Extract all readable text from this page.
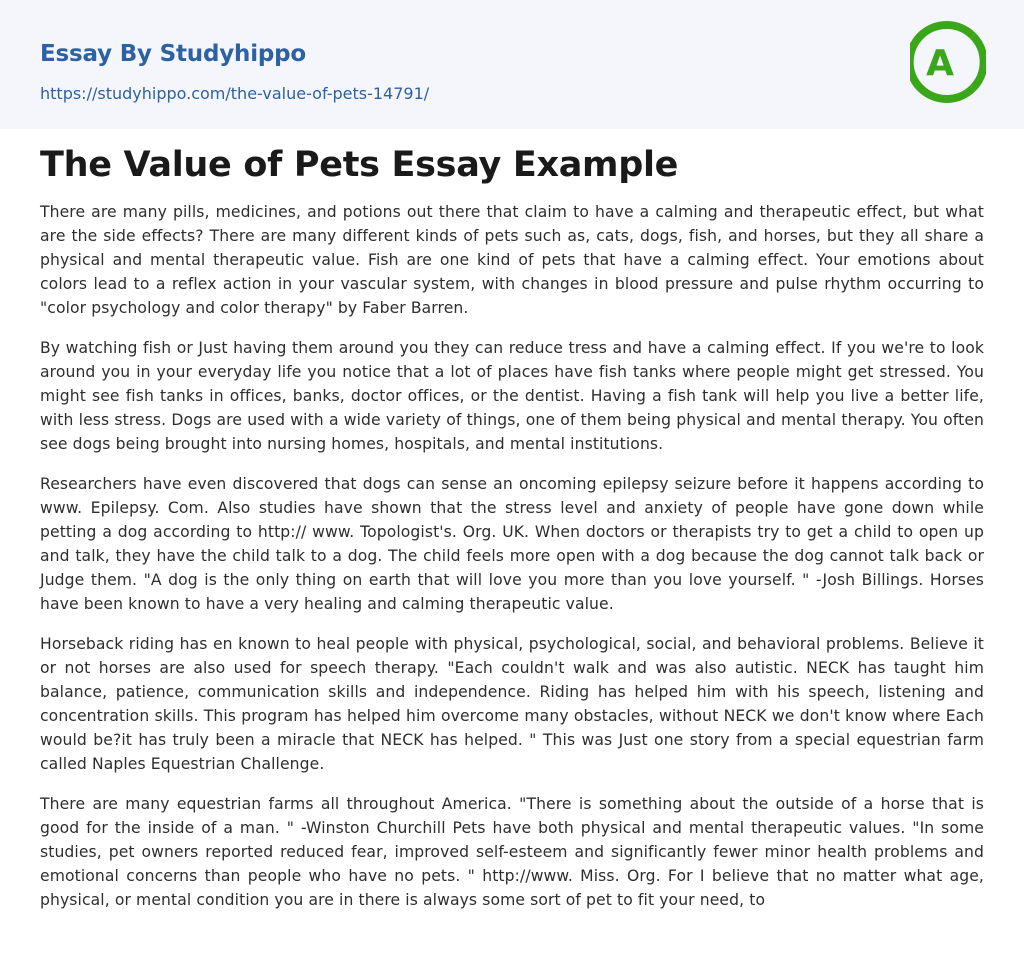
Essay By Studyhippo
https://studyhippo.com/the-value-of-pets-14791/
A
The Value of Pets Essay Example

There are many pills, medicines, and potions out there that claim to have a calming and therapeutic effect, but what are the side effects? There are many different kinds of pets such as, cats, dogs, fish, and horses, but they all share a physical and mental therapeutic value. Fish are one kind of pets that have a calming effect. Your emotions about colors lead to a reflex action in your vascular system, with changes in blood pressure and pulse rhythm occurring to "color psychology and color therapy" by Faber Barren.

By watching fish or Just having them around you they can reduce tress and have a calming effect. If you we're to look around you in your everyday life you notice that a lot of places have fish tanks where people might get stressed. You might see fish tanks in offices, banks, doctor offices, or the dentist. Having a fish tank will help you live a better life, with less stress. Dogs are used with a wide variety of things, one of them being physical and mental therapy. You often see dogs being brought into nursing homes, hospitals, and mental institutions.

Researchers have even discovered that dogs can sense an oncoming epilepsy seizure before it happens according to www. Epilepsy. Com. Also studies have shown that the stress level and anxiety of people have gone down while petting a dog according to http:// www. Topologist's. Org. UK. When doctors or therapists try to get a child to open up and talk, they have the child talk to a dog. The child feels more open with a dog because the dog cannot talk back or Judge them. "A dog is the only thing on earth that will love you more than you love yourself. " -Josh Billings. Horses have been known to have a very healing and calming therapeutic value.

Horseback riding has en known to heal people with physical, psychological, social, and behavioral problems. Believe it or not horses are also used for speech therapy. "Each couldn't walk and was also autistic. NECK has taught him balance, patience, communication skills and independence. Riding has helped him with his speech, listening and concentration skills. This program has helped him overcome many obstacles, without NECK we don't know where Each would be?it has truly been a miracle that NECK has helped. " This was Just one story from a special equestrian farm called Naples Equestrian Challenge.

There are many equestrian farms all throughout America. "There is something about the outside of a horse that is good for the inside of a man. " -Winston Churchill Pets have both physical and mental therapeutic values. "In some studies, pet owners reported reduced fear, improved self-esteem and significantly fewer minor health problems and emotional concerns than people who have no pets. " http://www. Miss. Org. For I believe that no matter what age, physical, or mental condition you are in there is always some sort of pet to fit your need, to
